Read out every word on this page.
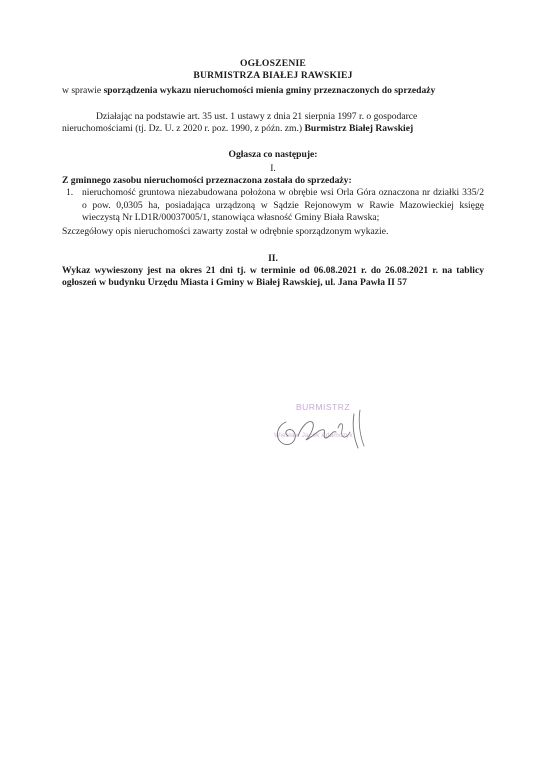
OGŁOSZENIE

BURMISTRZA BIAŁEJ RAWSKIEJ

w sprawie sporządzenia wykazu nieruchomości mienia gminy przeznaczonych do sprzedaży

Działając na podstawie art. 35 ust. 1 ustawy z dnia 21 sierpnia 1997 r. o gospodarce nieruchomościami (tj. Dz. U. z 2020 r. poz. 1990, z późn. zm.) Burmistrz Białej Rawskiej

Ogłasza co następuje:

I.

Z gminnego zasobu nieruchomości przeznaczona została do sprzedaży:

1. nieruchomość gruntowa niezabudowana położona w obrębie wsi Orla Góra oznaczona nr działki 335/2 o pow. 0,0305 ha, posiadająca urządzoną w Sądzie Rejonowym w Rawie Mazowieckiej księgę wieczystą Nr LD1R/00037005/1, stanowiąca własność Gminy Biała Rawska;

Szczegółowy opis nieruchomości zawarty został w odrębnie sporządzonym wykazie.

II.

Wykaz wywieszony jest na okres 21 dni tj. w terminie od 06.08.2021 r. do 26.08.2021 r. na tablicy ogłoszeń w budynku Urzędu Miasta i Gminy w Białej Rawskiej, ul. Jana Pawła II 57

BURMISTRZ
Wiesław Jacek Adamczyk
